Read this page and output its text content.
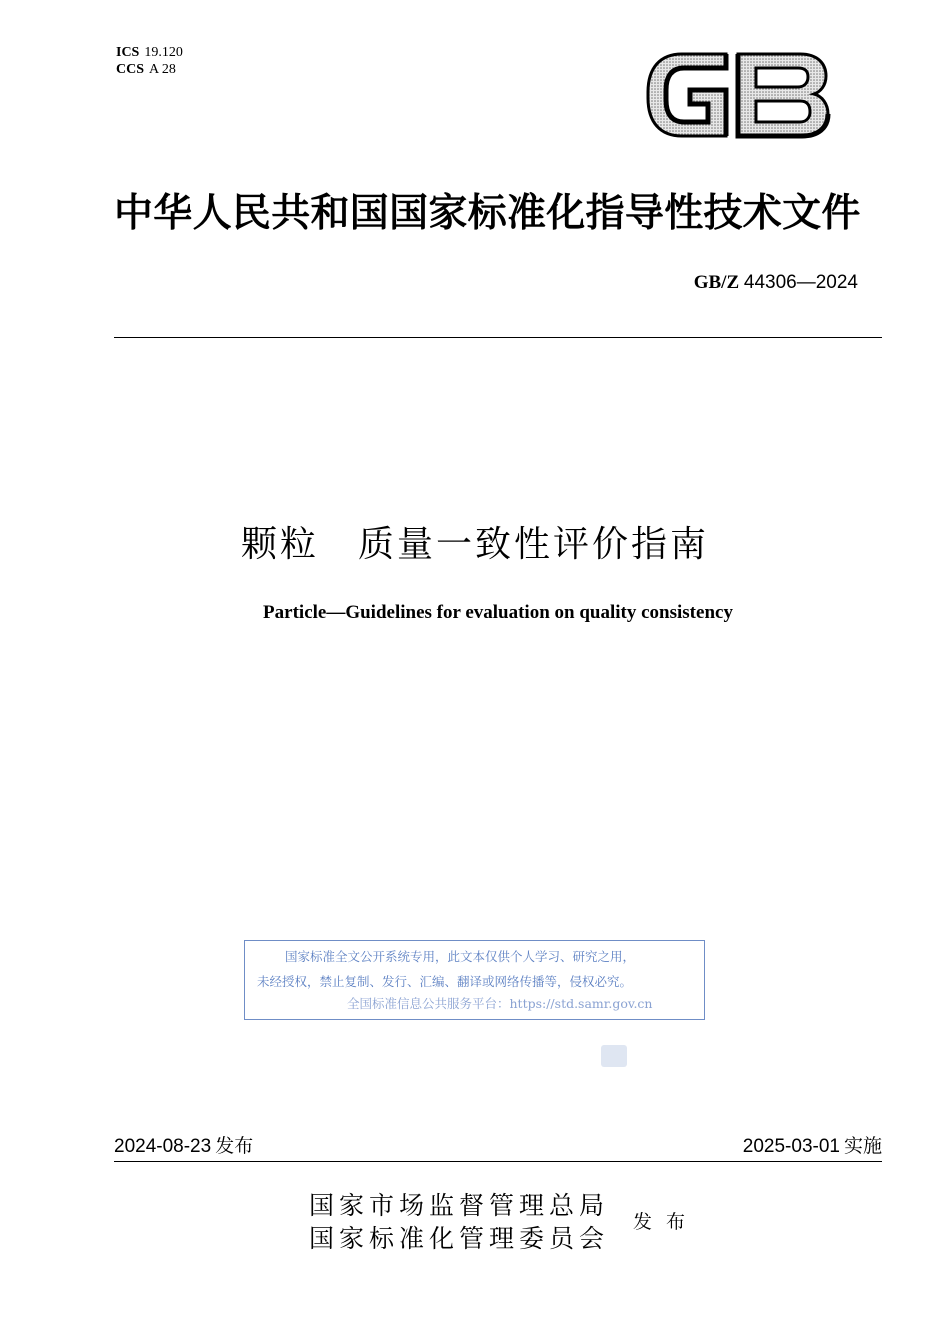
ICS 19.120
CCS A 28
GB
中华人民共和国国家标准化指导性技术文件
GB/Z 44306—2024
颗粒　质量一致性评价指南
Particle—Guidelines for evaluation on quality consistency
国家标准全文公开系统专用，此文本仅供个人学习、研究之用，
未经授权，禁止复制、发行、汇编、翻译或网络传播等，侵权必究。
全国标准信息公共服务平台：https://std.samr.gov.cn
2024-08-23 发布	2025-03-01 实施
国家市场监督管理总局
国家标准化管理委员会
发布
